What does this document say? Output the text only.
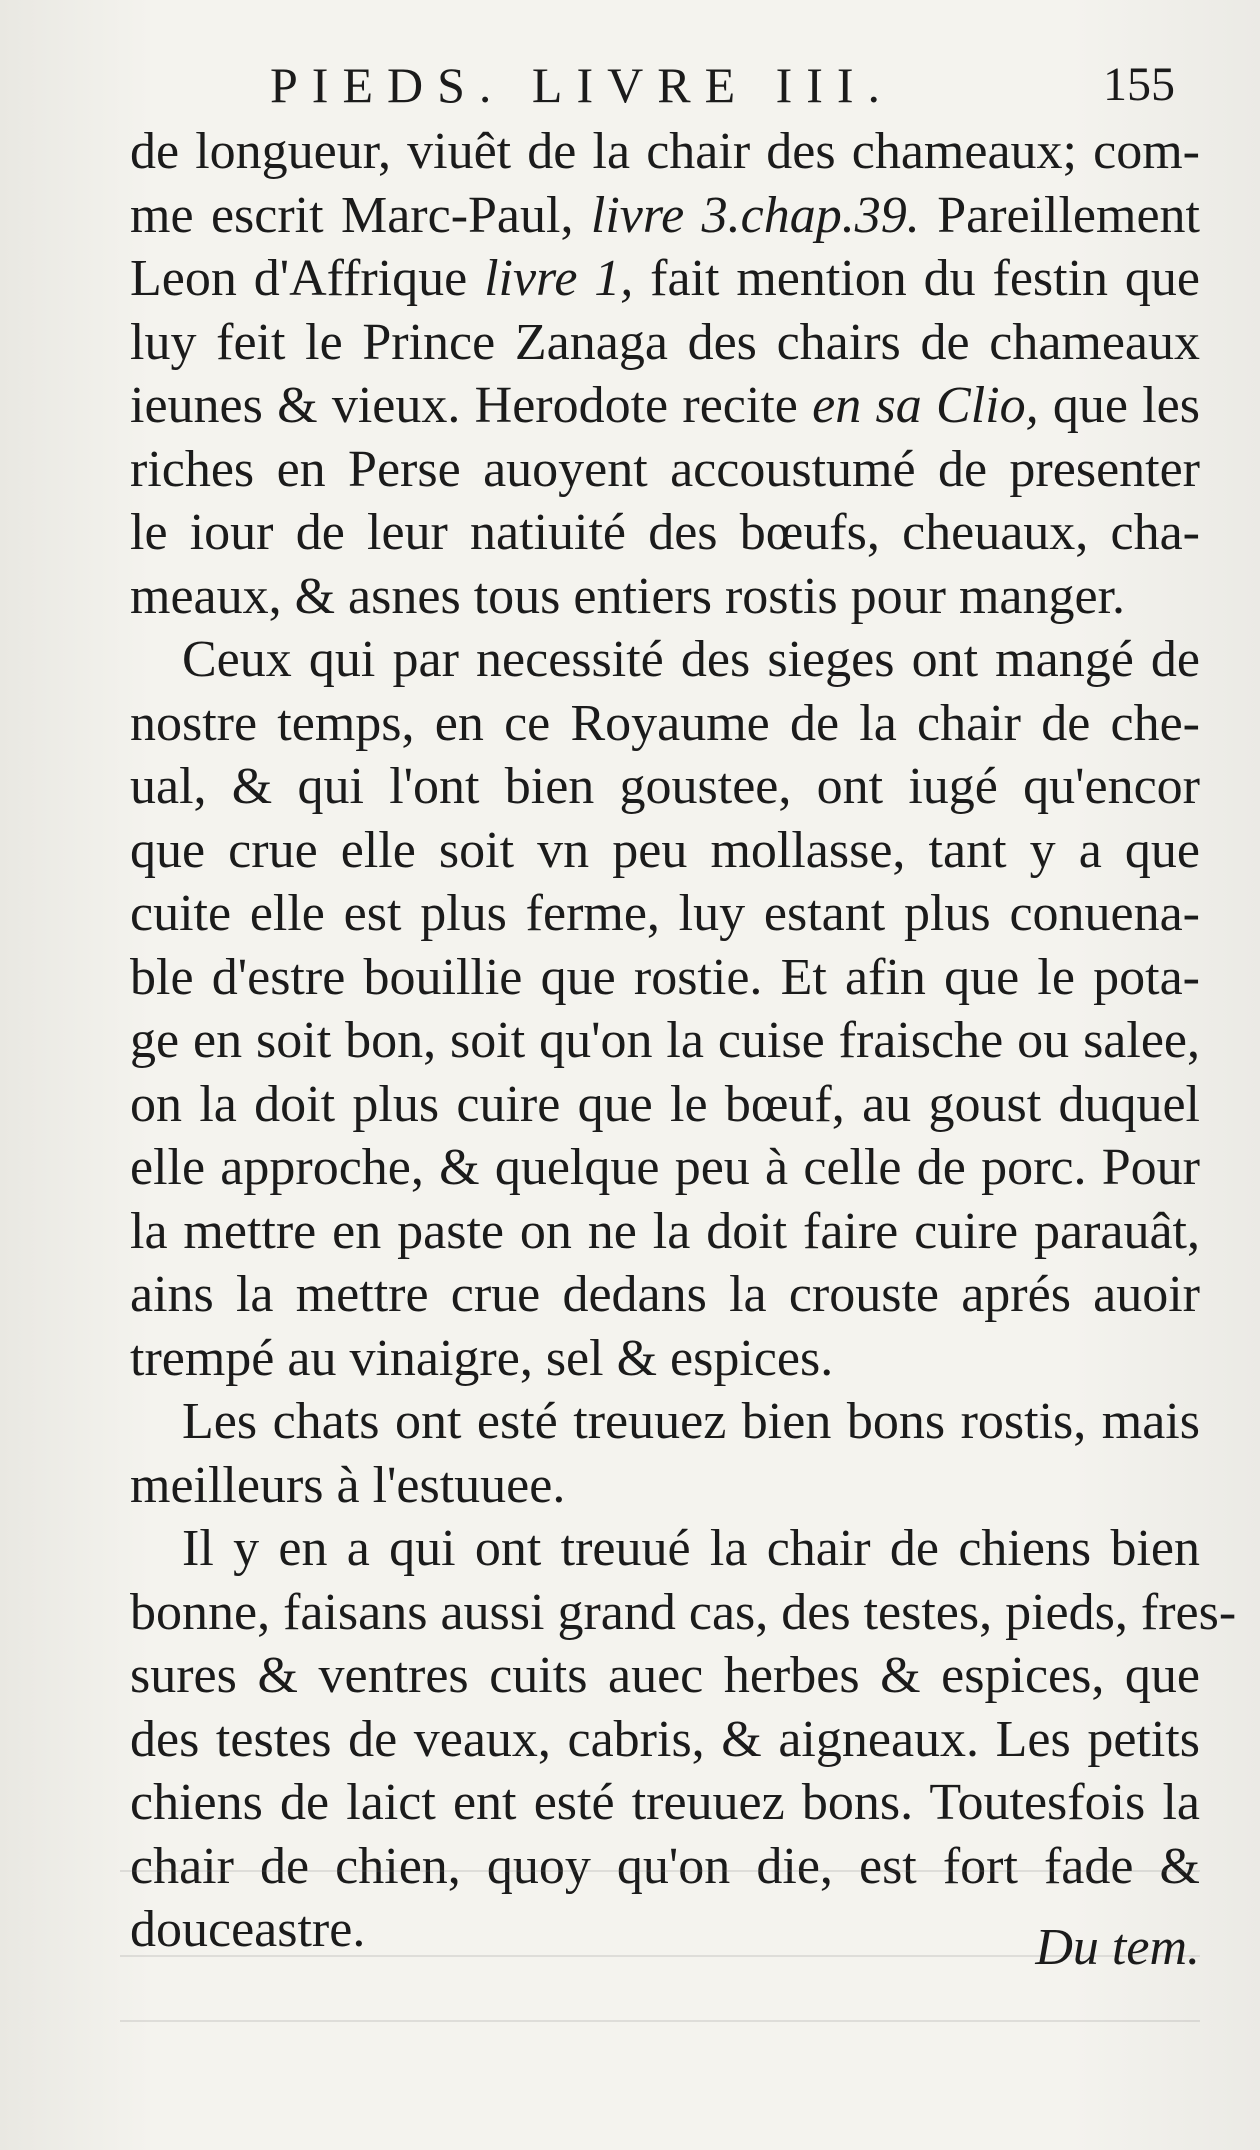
PIEDS. LIVRE III.	155
de longueur, viuêt de la chair des chameaux; com-
me escrit Marc-Paul, livre 3.chap.39. Pareillement
Leon d'Affrique livre 1, fait mention du festin que
luy feit le Prince Zanaga des chairs de chameaux
ieunes & vieux. Herodote recite en sa Clio, que les
riches en Perse auoyent accoustumé de presenter
le iour de leur natiuité des bœufs, cheuaux, cha-
meaux, & asnes tous entiers rostis pour manger.
Ceux qui par necessité des sieges ont mangé de
nostre temps, en ce Royaume de la chair de che-
ual, & qui l'ont bien goustee, ont iugé qu'encor
que crue elle soit vn peu mollasse, tant y a que
cuite elle est plus ferme, luy estant plus conuena-
ble d'estre bouillie que rostie. Et afin que le pota-
ge en soit bon, soit qu'on la cuise fraische ou salee,
on la doit plus cuire que le bœuf, au goust duquel
elle approche, & quelque peu à celle de porc. Pour
la mettre en paste on ne la doit faire cuire parauât,
ains la mettre crue dedans la crouste aprés auoir
trempé au vinaigre, sel & espices.
Les chats ont esté treuuez bien bons rostis, mais
meilleurs à l'estuuee.
Il y en a qui ont treuué la chair de chiens bien
bonne, faisans aussi grand cas, des testes, pieds, fres-
sures & ventres cuits auec herbes & espices, que
des testes de veaux, cabris, & aigneaux. Les petits
chiens de laict ent esté treuuez bons. Toutesfois la
chair de chien, quoy qu'on die, est fort fade &
douceastre.	Du tem.
